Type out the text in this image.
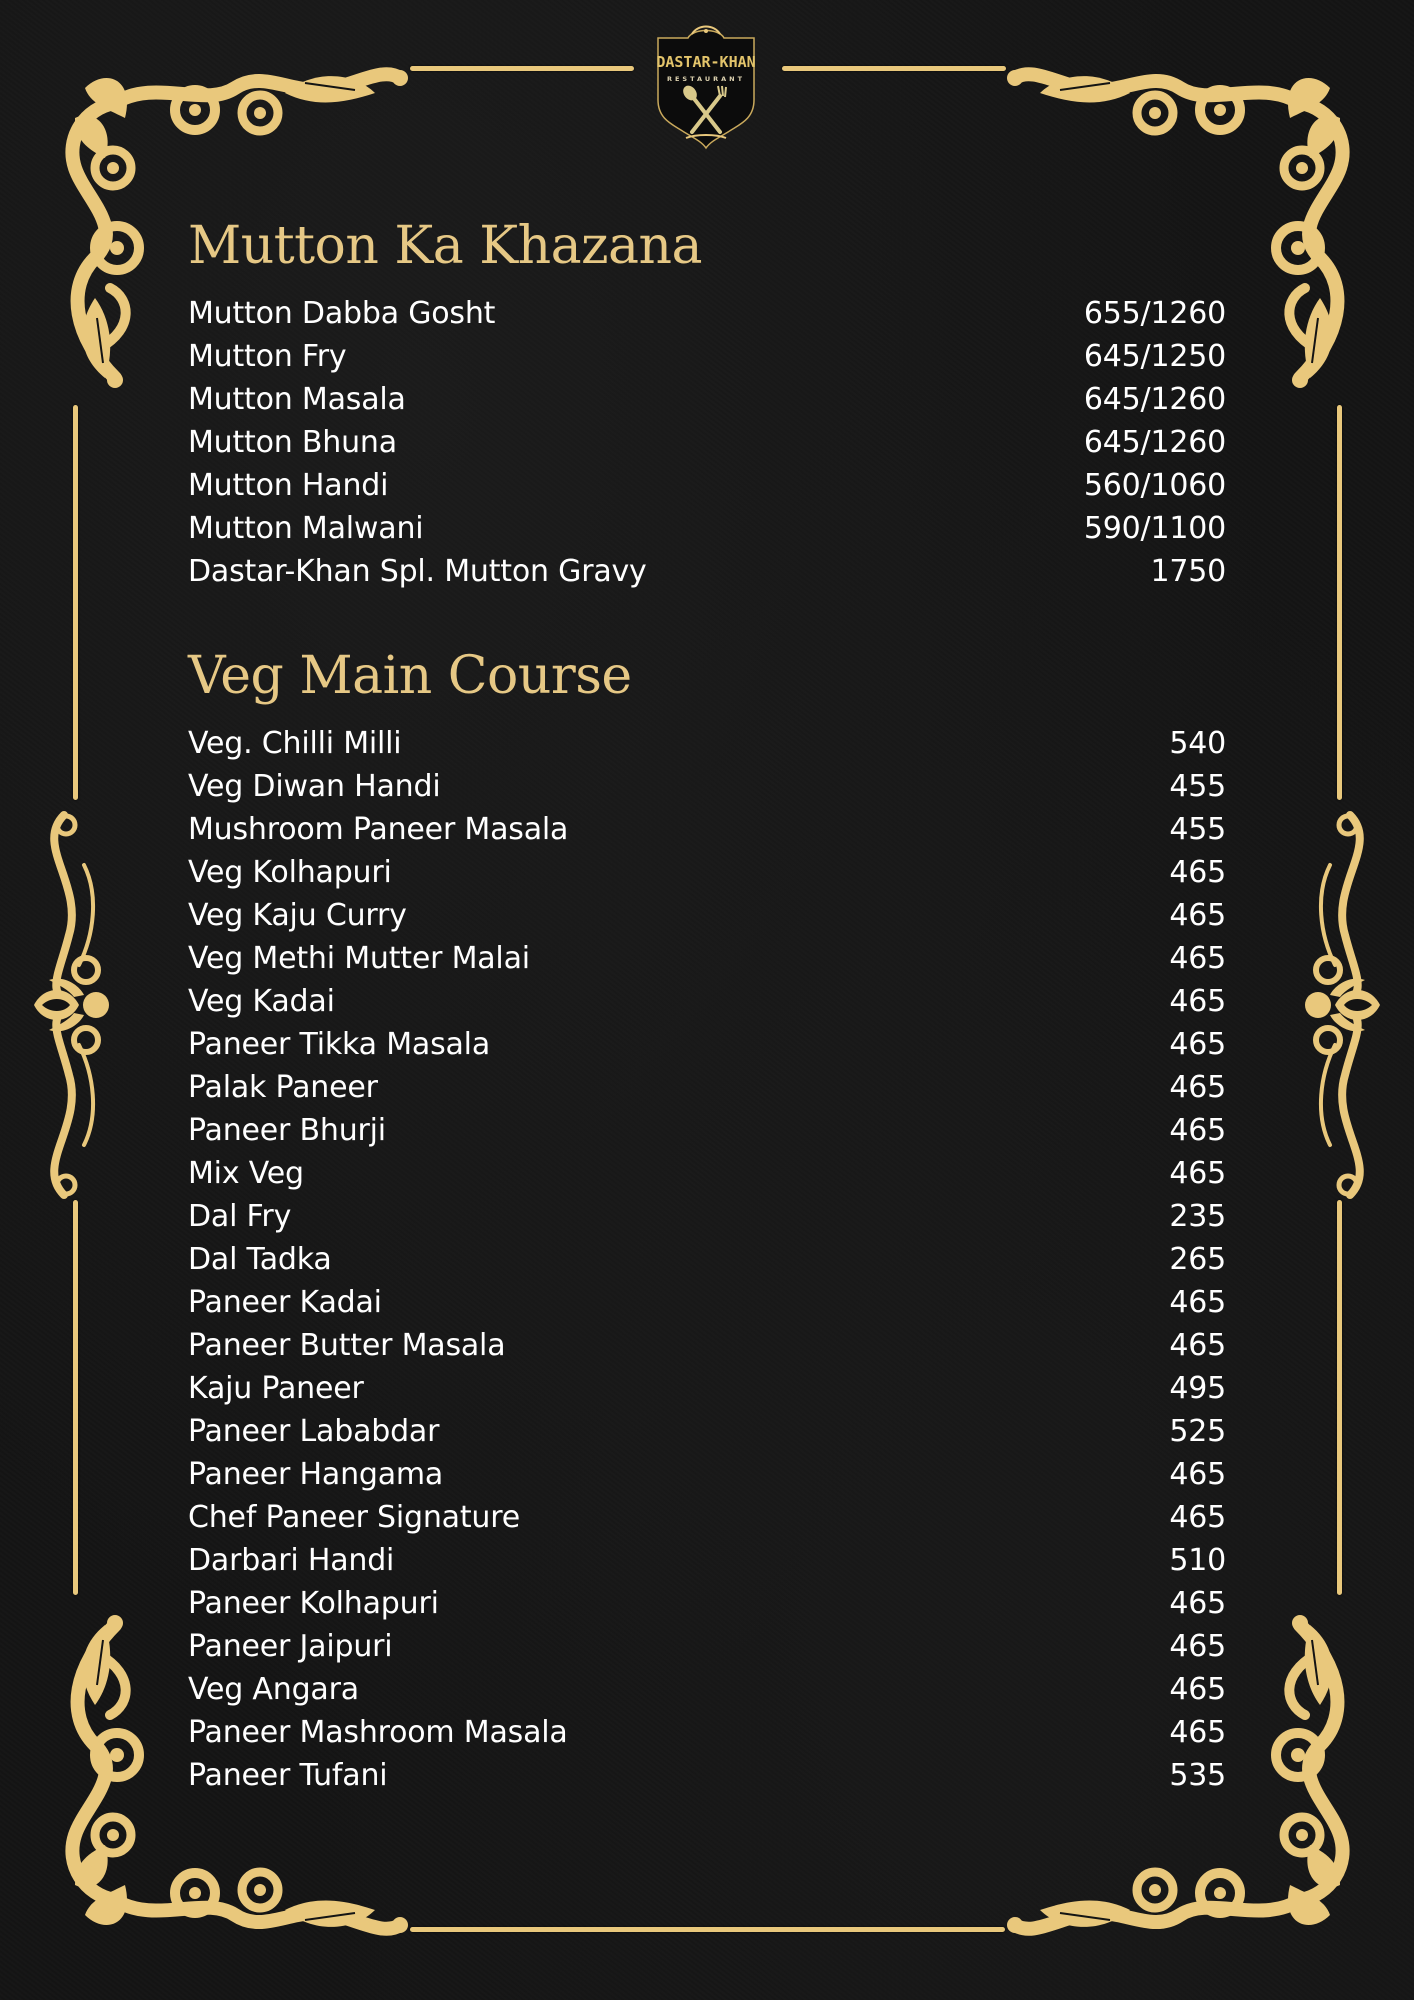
DASTAR-KHAN
RESTAURANT
Mutton Ka Khazana
Mutton Dabba Gosht	655/1260
Mutton Fry	645/1250
Mutton Masala	645/1260
Mutton Bhuna	645/1260
Mutton Handi	560/1060
Mutton Malwani	590/1100
Dastar-Khan Spl. Mutton Gravy	1750
Veg Main Course
Veg. Chilli Milli	540
Veg Diwan Handi	455
Mushroom Paneer Masala	455
Veg Kolhapuri	465
Veg Kaju Curry	465
Veg Methi Mutter Malai	465
Veg Kadai	465
Paneer Tikka Masala	465
Palak Paneer	465
Paneer Bhurji	465
Mix Veg	465
Dal Fry	235
Dal Tadka	265
Paneer Kadai	465
Paneer Butter Masala	465
Kaju Paneer	495
Paneer Lababdar	525
Paneer Hangama	465
Chef Paneer Signature	465
Darbari Handi	510
Paneer Kolhapuri	465
Paneer Jaipuri	465
Veg Angara	465
Paneer Mashroom Masala	465
Paneer Tufani	535
